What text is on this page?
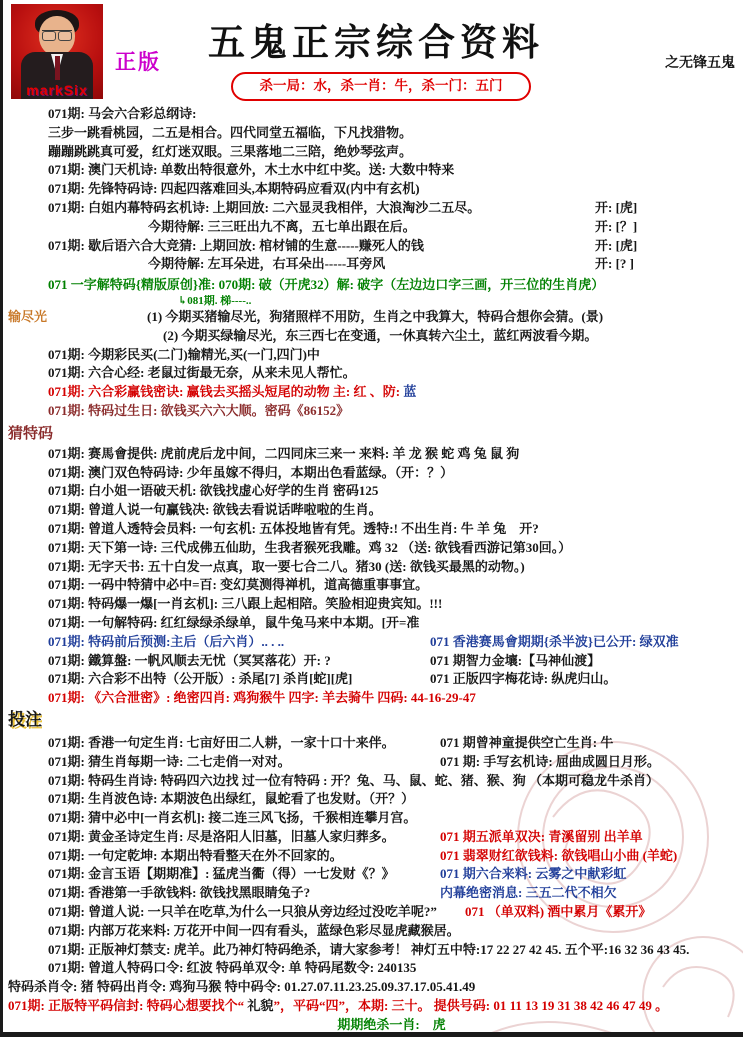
markSix
正版	五鬼正宗综合资料	之无锋五鬼
杀一局：水，杀一肖：牛，杀一门：五门
071期: 马会六合彩总纲诗:
三步一跳看桃园，二五是相合。四代同堂五福临，下凡找猎物。
蹦蹦跳跳真可爱，红灯迷双眼。三果落地二三陪，绝妙琴弦声。
071期: 澳门天机诗: 单数出特很意外，木土水中红中奖。送: 大数中特来
071期: 先锋特码诗: 四起四落难回头,本期特码应看双(内中有玄机)
071期: 白姐内幕特码玄机诗: 上期回放: 二六显灵我相伴，大浪淘沙二五尽。	开: [虎]
今期待解: 三三旺出九不离，五七单出跟在后。	开: [？]
071期: 歇后语六合大竞猜: 上期回放: 棺材铺的生意-----赚死人的钱	开: [虎]
今期待解: 左耳朵进，右耳朵出-----耳旁风	开: [? ]
071 一字解特码{精版原创}准: 070期: 破（开虎32）解: 破字（左边边口字三画，开三位的生肖虎）
↳081期. 梯----..
输尽光	(1) 今期买猪输尽光，狗猪照样不用防，生肖之中我算大，特码合想你会猜。(景)
(2) 今期买绿输尽光，东三西七在变通，一休真转六尘土，蓝红两波看今期。
071期: 今期彩民买(二门)输精光,买(一门,四门)中
071期: 六合心经: 老鼠过街最无奈，从来未见人帮忙。
071期: 六合彩赢钱密诀: 赢钱去买摇头短尾的动物 主: 红 、防: 蓝
071期: 特码过生日: 欲钱买六六大顺。密码《86152》
猜特码
071期: 赛馬會提供: 虎前虎后龙中间，二四同床三来一 来料: 羊 龙 猴 蛇 鸡 兔 鼠 狗
071期: 澳门双色特码诗: 少年虽嫁不得归，本期出色看蓝绿。（开：？）
071期: 白小姐一语破天机: 欲钱找虚心好学的生肖 密码125
071期: 曾道人说一句赢钱决: 欲钱去看说话哔啦啦的生肖。
071期: 曾道人透特会员料: 一句玄机: 五体投地皆有凭。透特:! 不出生肖: 牛 羊 兔　开?
071期: 天下第一诗: 三代成佛五仙助，生我者猴死我雕。鸡 32 （送: 欲钱看西游记第30回。）
071期: 无字天书: 五十白发一点真，取一要七合二八。猪30 (送: 欲钱买最黑的动物。)
071期: 一码中特猜中必中=百: 变幻莫测得禅机，道高德重事事宜。
071期: 特码爆一爆[一肖玄机]: 三八跟上起相陪。笑脸相迎贵宾知。!!!
071期: 一句解特码: 红红绿绿杀绿单，鼠牛兔马来中本期。[开=准
071期: 特码前后预测:主后（后六肖）.. . ..	071 香港赛馬會期期{杀半波}已公开: 绿双准
071期: 鐵算盤: 一帆风顺去无忧（冥冥落花）开: ?	071 期智力金壤:【马神仙渡】
071期: 六合彩不出特（公开版）: 杀尾[7] 杀肖[蛇][虎]	071 正版四字梅花诗: 纵虎归山。
071期: 《六合泄密》: 绝密四肖: 鸡狗猴牛 四字: 羊去骑牛 四码: 44-16-29-47
投注
071期: 香港一句定生肖: 七亩好田二人耕，一家十口十来伴。	071 期曾神童提供空亡生肖: 牛
071期: 猜生肖每期一诗: 二七走俏一对对。	071 期: 手写玄机诗: 屈曲成圆日月形。
071期: 特码生肖诗: 特码四六边找 过一位有特码 : 开？兔、马、鼠、蛇、猪、猴、狗 （本期可稳龙牛杀肖）
071期: 生肖波色诗: 本期波色出绿红，鼠蛇看了也发财。（开？）
071期: 猜中必中[一肖玄机]: 接二连三风飞扬，千猴相连攀月宫。
071期: 黄金圣诗定生肖: 尽是洛阳人旧墓，旧墓人家归葬多。	071 期五派单双决: 青溪留别 出羊单
071期: 一句定乾坤: 本期出特看整天在外不回家的。	071 翡翠财红欲钱料: 欲钱唱山小曲 (羊蛇)
071期: 金言玉语【期期准】: 猛虎当衢（得）一七发财《？》	071 期六合来料: 云雾之中献彩虹
071期: 香港第一手欲钱料: 欲钱找黑眼睛兔子?	内幕绝密消息: 三五二代不相欠
071期: 曾道人说: 一只羊在吃草,为什么一只狼从旁边经过没吃羊呢?” 071 （单双料) 酒中累月《累开》
071期: 内部万花来料: 万花开中间一四有看头，蓝绿色彩尽显虎藏猴居。
071期: 正版神灯禁支: 虎羊。此乃神灯特码绝杀，请大家参考！ 神灯五中特:17 22 27 42 45. 五个平:16 32 36 43 45.
071期: 曾道人特码口令: 红波 特码单双令: 单 特码尾数令: 240135
特码杀肖令: 猪 特码出肖令: 鸡狗马猴 特中码令: 01.27.07.11.23.25.09.37.17.05.41.49
071期: 正版特平码信封: 特码心想要找个“ 礼貌”，平码“四”，本期: 三十。 提供号码: 01 11 13 19 31 38 42 46 47 49 。
期期绝杀一肖:　虎
